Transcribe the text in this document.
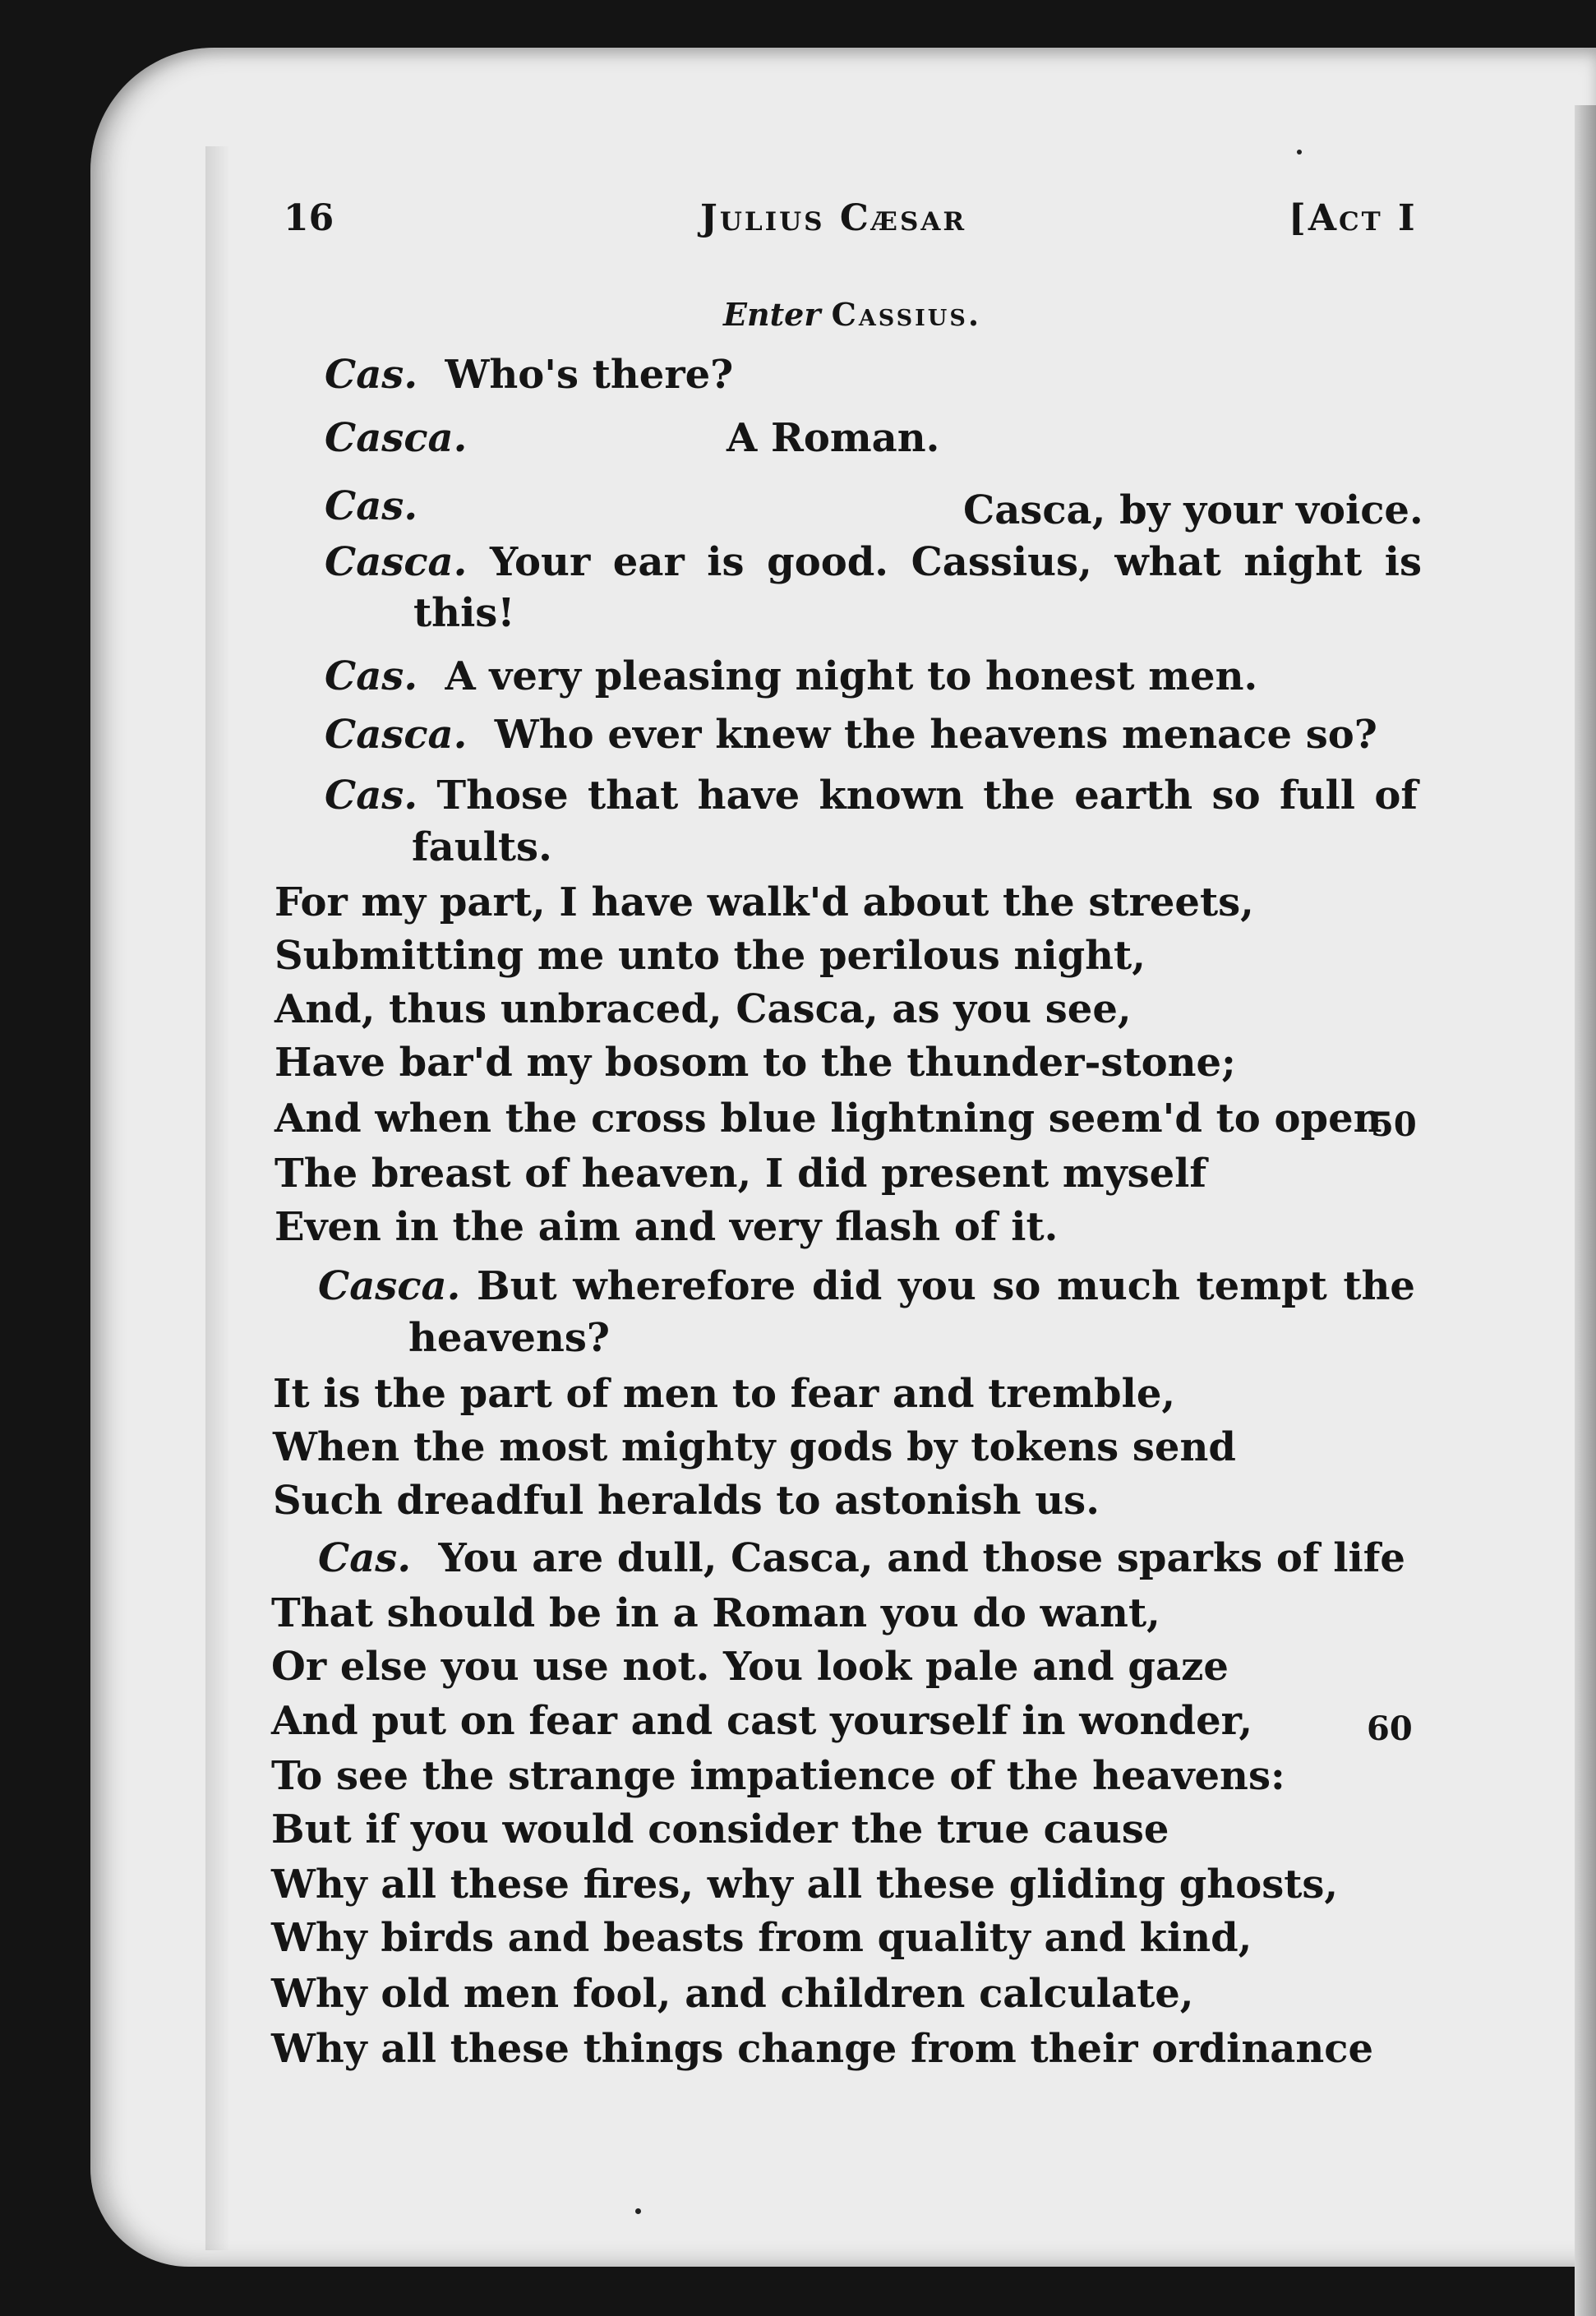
16	Julius Cæsar	[Act I
Enter Cassius.
Cas. Who's there?
Casca.	A Roman.
Cas.	Casca, by your voice.
Casca. Your ear is good. Cassius, what night is
this!
Cas. A very pleasing night to honest men.
Casca. Who ever knew the heavens menace so?
Cas. Those that have known the earth so full of
faults.
For my part, I have walk'd about the streets,
Submitting me unto the perilous night,
And, thus unbraced, Casca, as you see,
Have bar'd my bosom to the thunder-stone;
And when the cross blue lightning seem'd to open
50
The breast of heaven, I did present myself
Even in the aim and very flash of it.
Casca. But wherefore did you so much tempt the
heavens?
It is the part of men to fear and tremble,
When the most mighty gods by tokens send
Such dreadful heralds to astonish us.
Cas. You are dull, Casca, and those sparks of life
That should be in a Roman you do want,
Or else you use not. You look pale and gaze
And put on fear and cast yourself in wonder,	60
To see the strange impatience of the heavens:
But if you would consider the true cause
Why all these fires, why all these gliding ghosts,
Why birds and beasts from quality and kind,
Why old men fool, and children calculate,
Why all these things change from their ordinance
